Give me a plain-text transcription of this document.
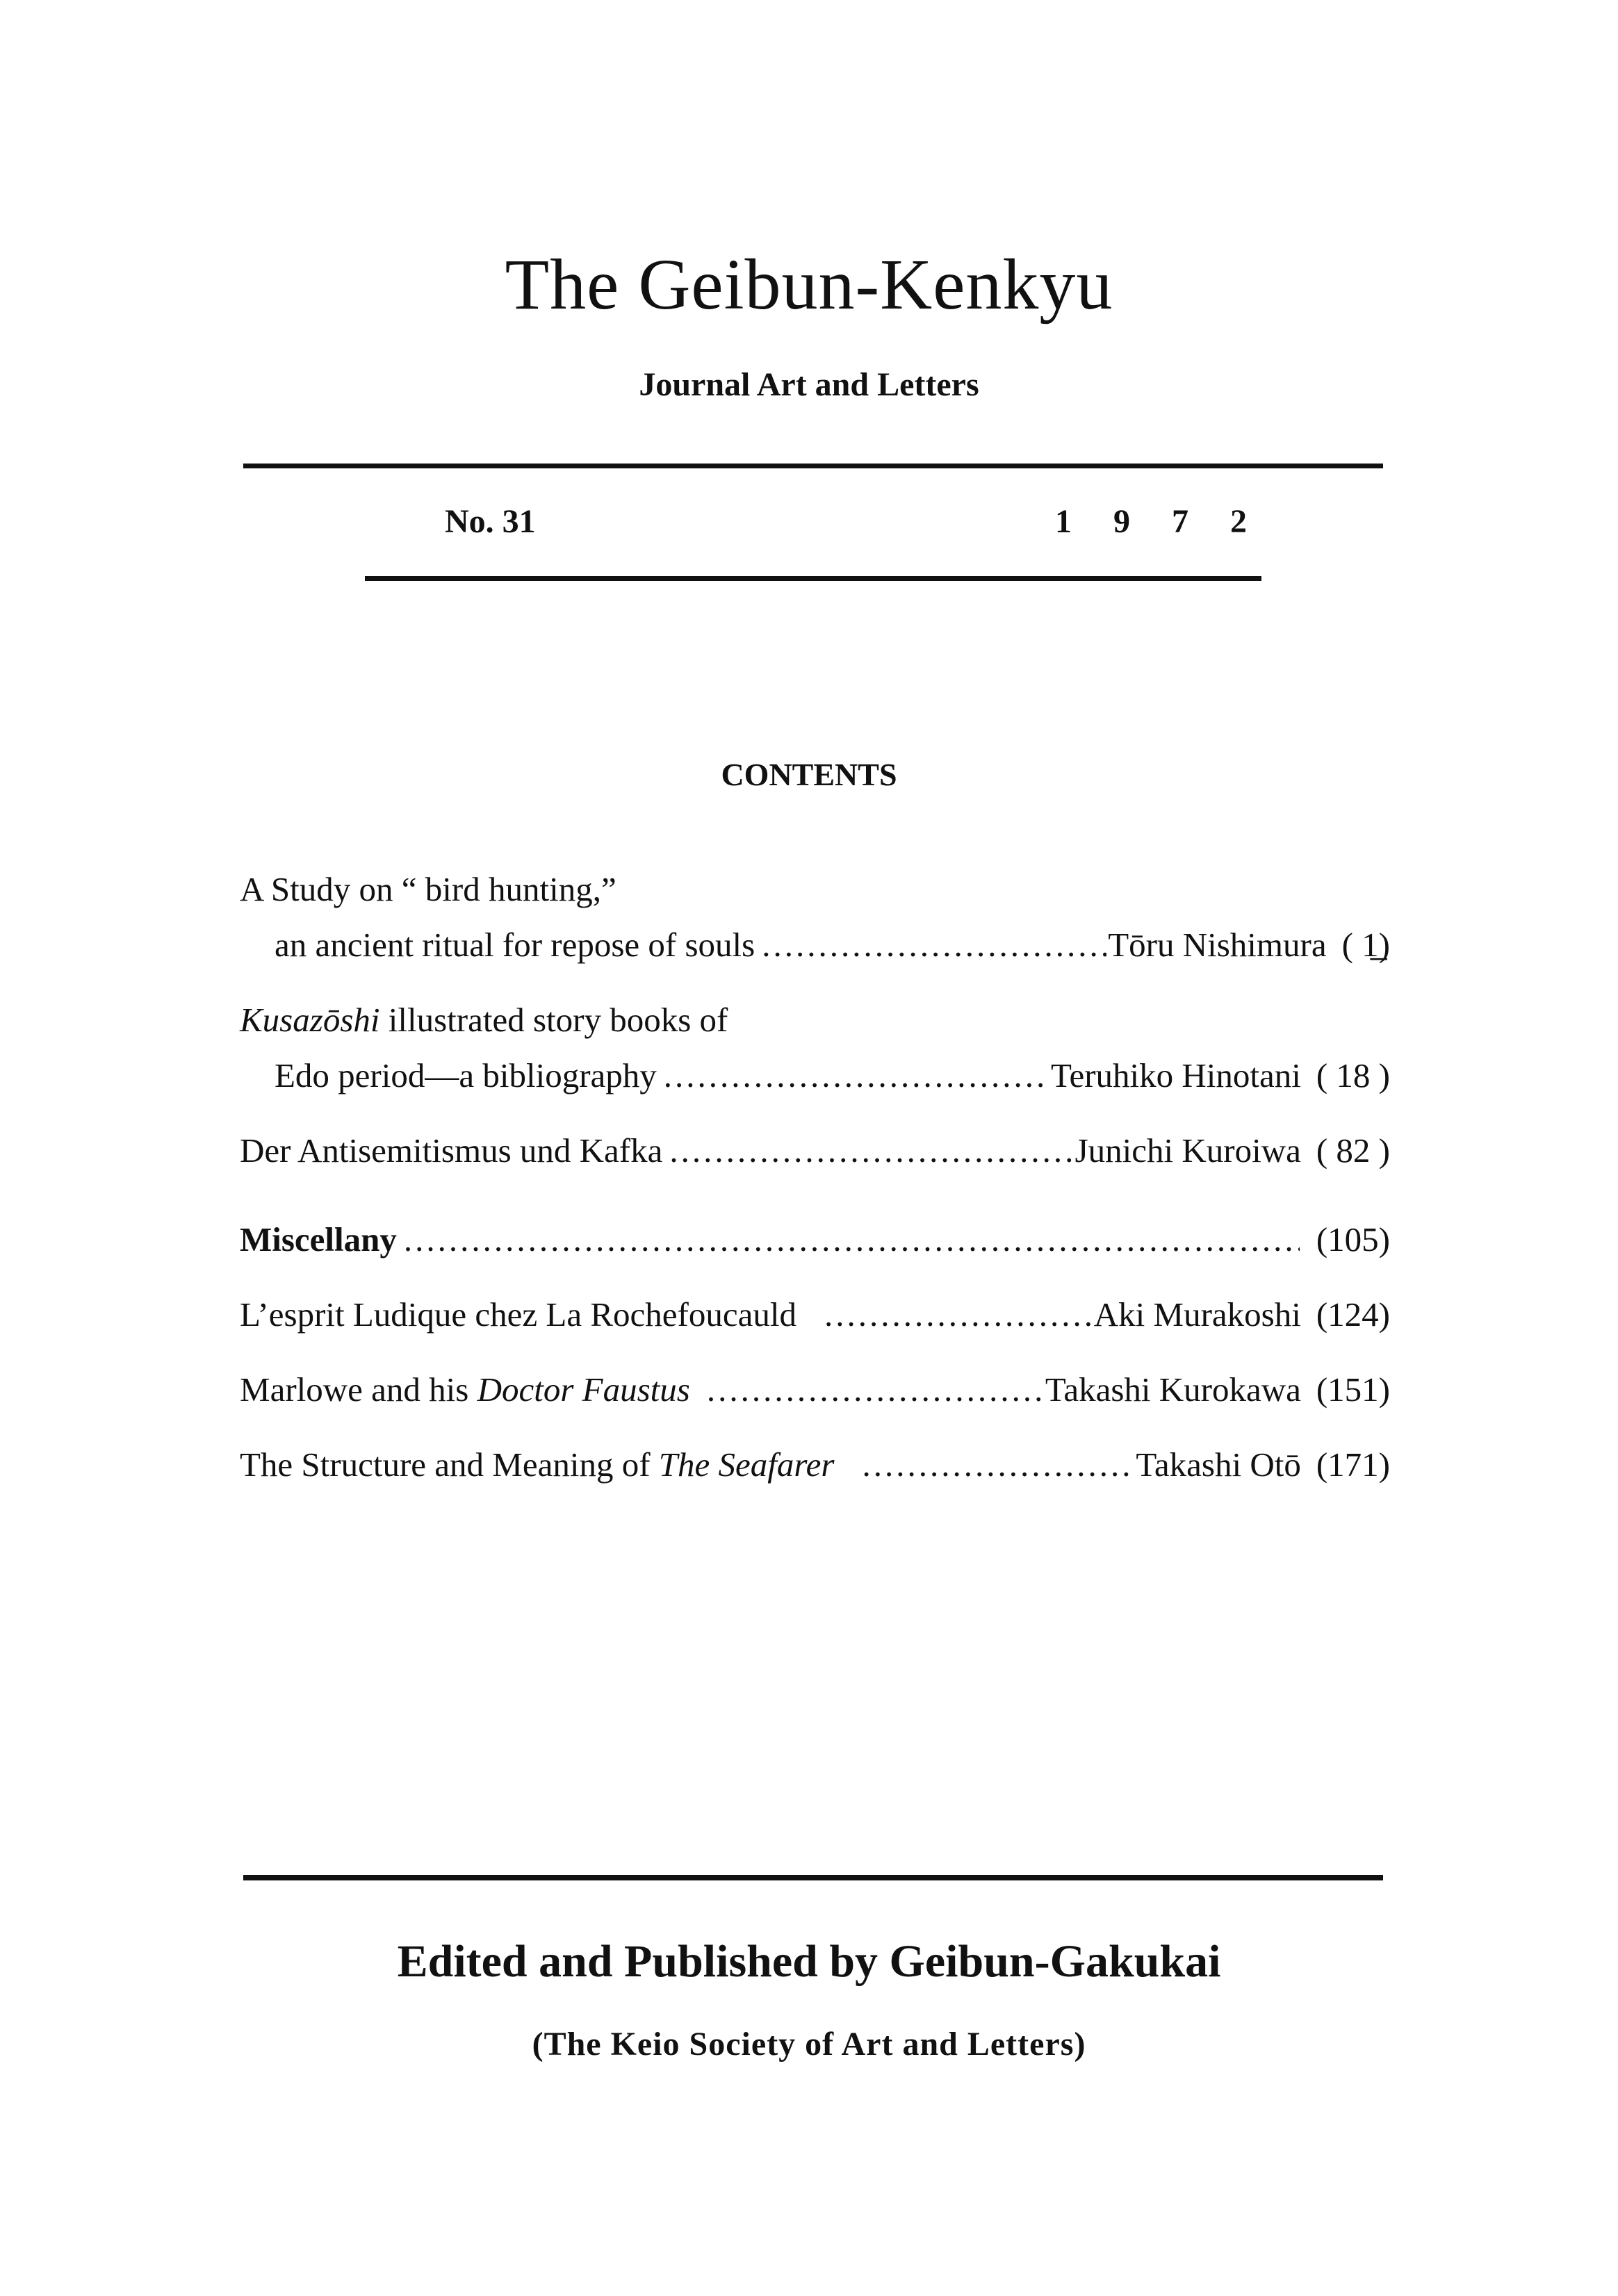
The Geibun-Kenkyu
Journal Art and Letters
No. 31	1 9 7 2
CONTENTS
A Study on “ bird hunting,”
an ancient ritual for repose of souls .....	Tōru Nishimura ( 1̲)
Kusazōshi illustrated story books of
Edo period—a bibliography .....	Teruhiko Hinotani ( 18 )
Der Antisemitismus und Kafka .....	Junichi Kuroiwa ( 82 )
Miscellany .....	(105)
L’esprit Ludique chez La Rochefoucauld .....	Aki Murakoshi (124)
Marlowe and his Doctor Faustus .....	Takashi Kurokawa (151)
The Structure and Meaning of The Seafarer .....	Takashi Otō (171)
Edited and Published by Geibun-Gakukai
(The Keio Society of Art and Letters)
